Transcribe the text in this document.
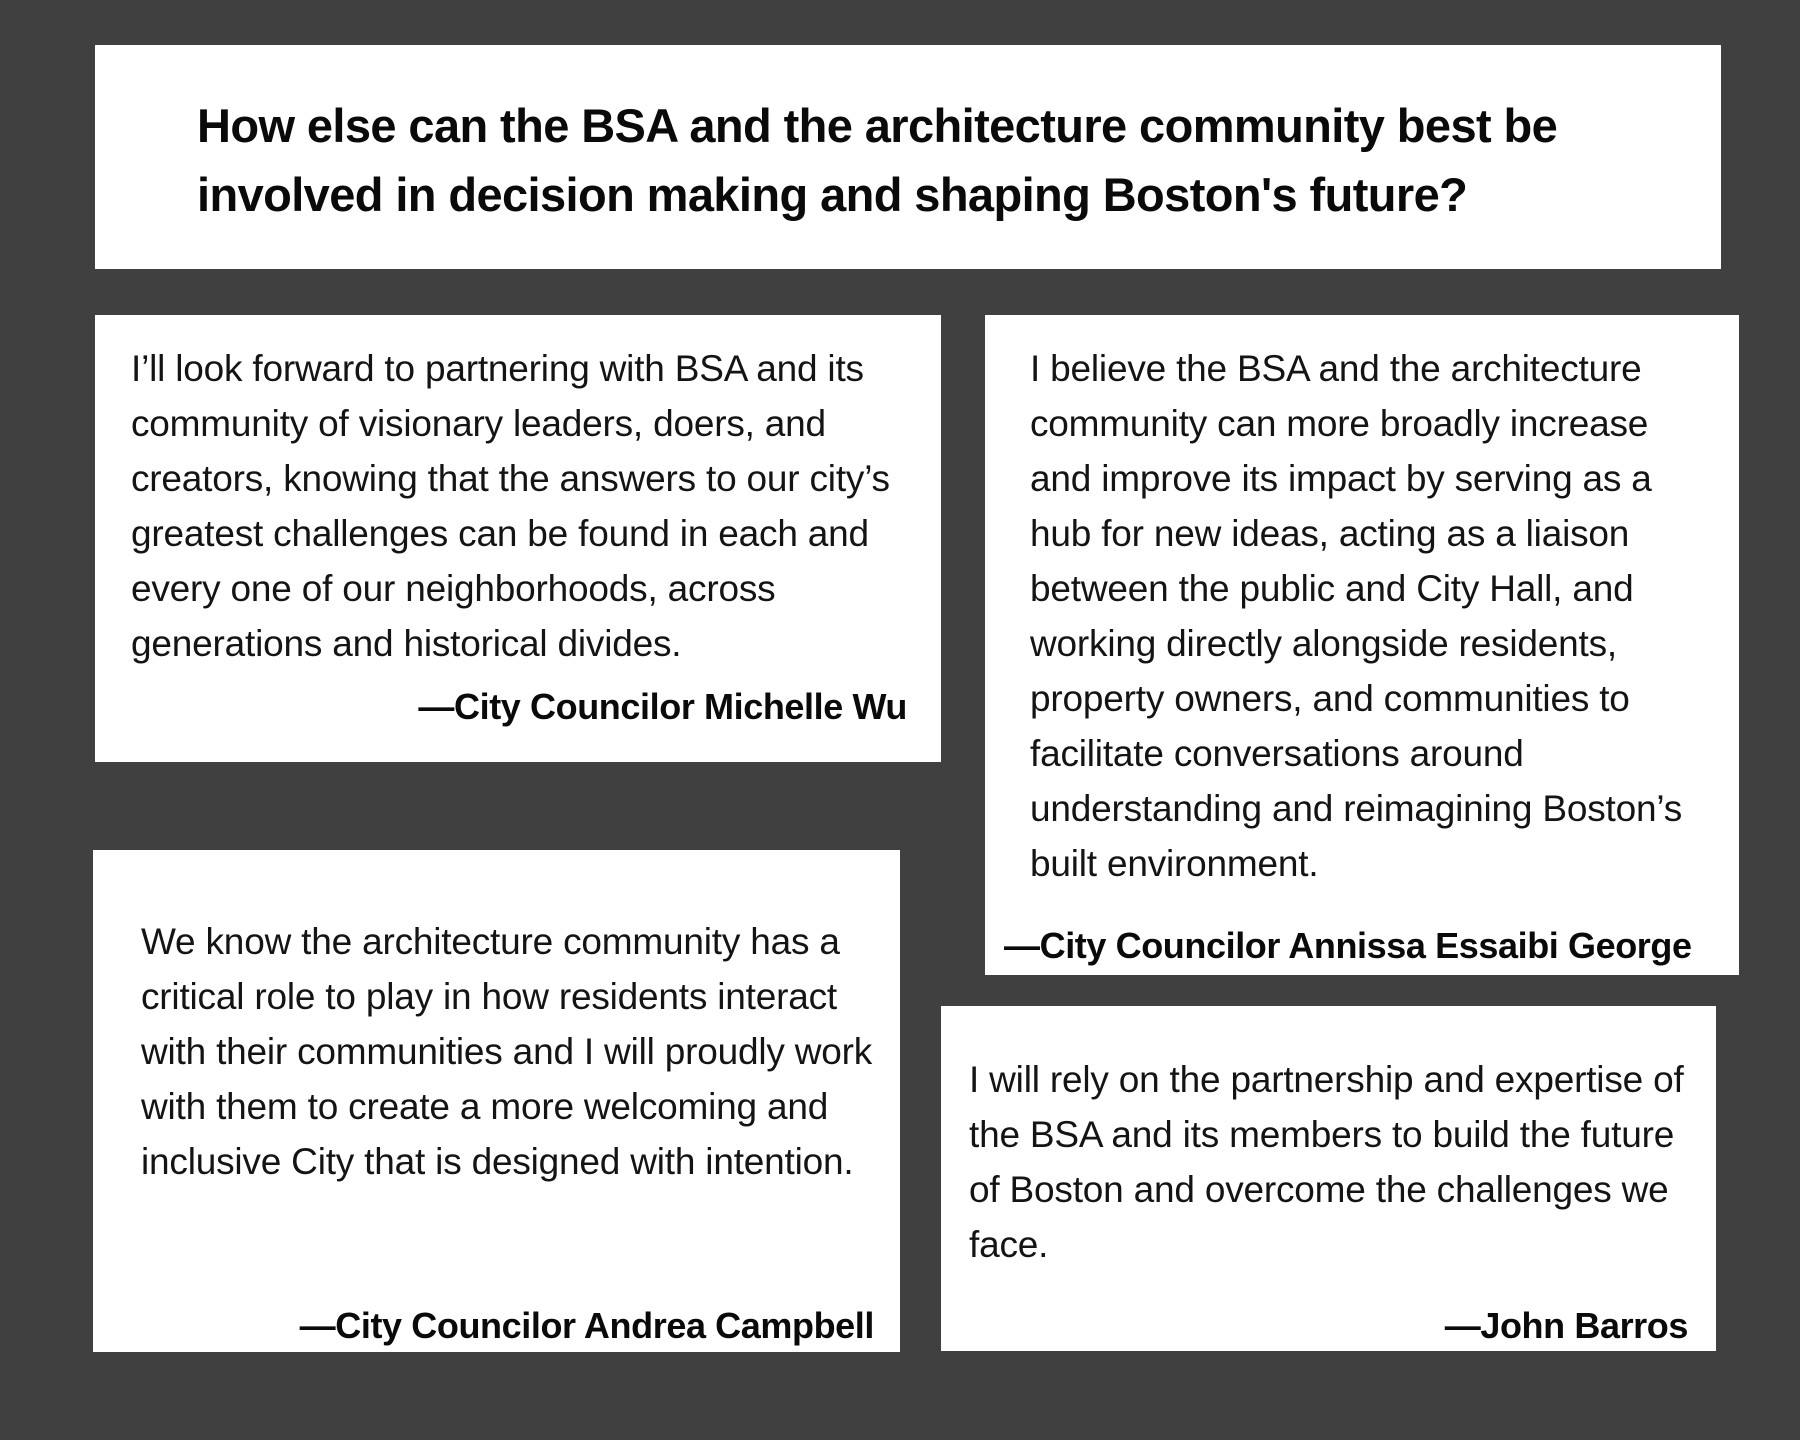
How else can the BSA and the architecture community best be involved in decision making and shaping Boston's future?

I’ll look forward to partnering with BSA and its community of visionary leaders, doers, and creators, knowing that the answers to our city’s greatest challenges can be found in each and every one of our neighborhoods, across generations and historical divides.

—City Councilor Michelle Wu

I believe the BSA and the architecture community can more broadly increase and improve its impact by serving as a hub for new ideas, acting as a liaison between the public and City Hall, and working directly alongside residents, property owners, and communities to facilitate conversations around understanding and reimagining Boston’s built environment.

—City Councilor Annissa Essaibi George

We know the architecture community has a critical role to play in how residents interact with their communities and I will proudly work with them to create a more welcoming and inclusive City that is designed with intention.

—City Councilor Andrea Campbell

I will rely on the partnership and expertise of the BSA and its members to build the future of Boston and overcome the challenges we face.

—John Barros
